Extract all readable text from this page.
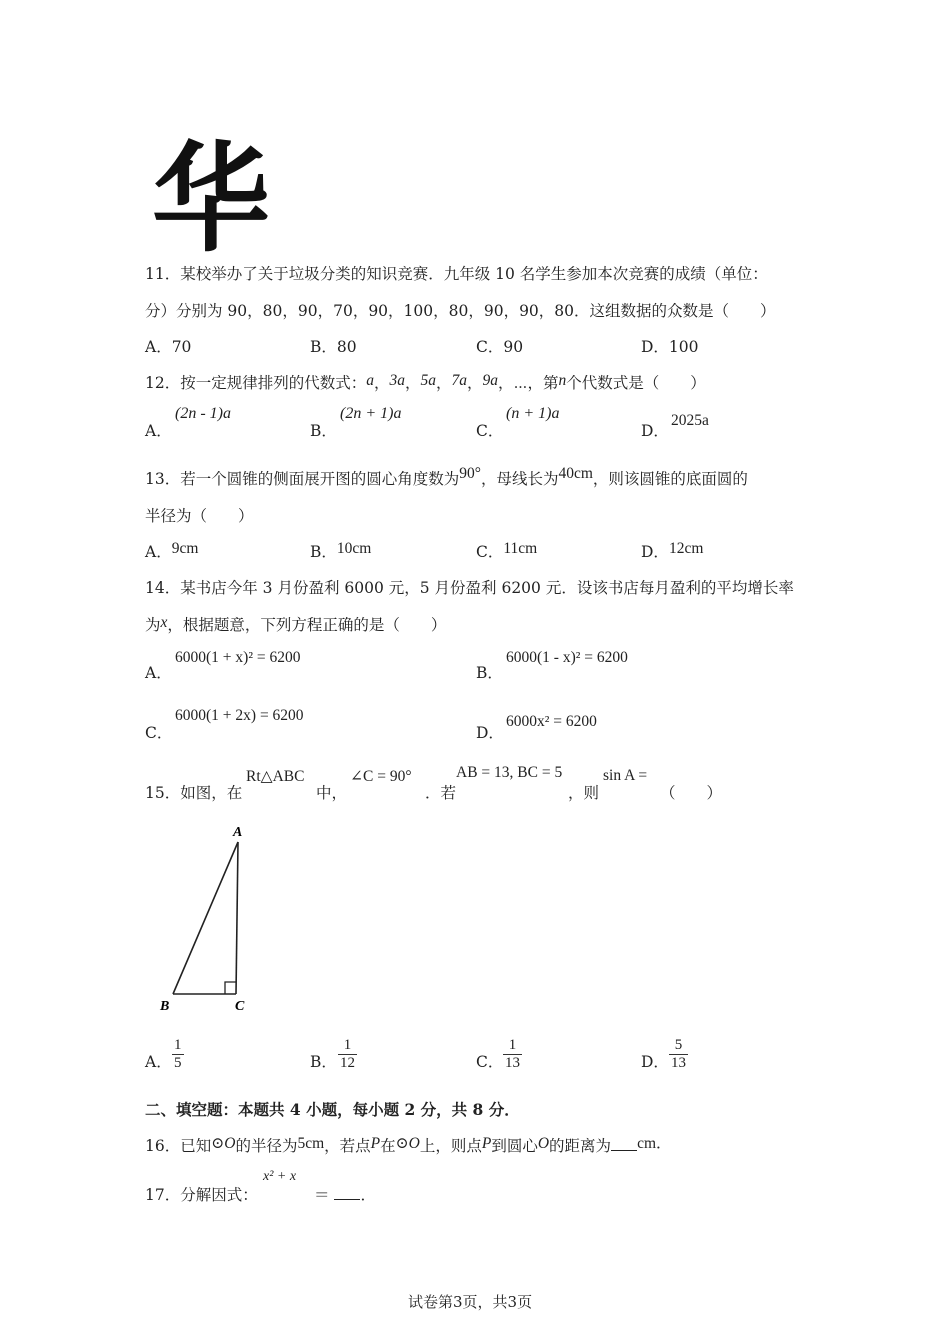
华
11．某校举办了关于垃圾分类的知识竞赛．九年级 10 名学生参加本次竞赛的成绩（单位：
分）分别为 90，80，90，70，90，100，80，90，90，80．这组数据的众数是（　　）
A．70	B．80	C．90	D．100
12．按一定规律排列的代数式：a，3a，5a，7a，9a，⋯，第n个代数式是（　　）
A．
(2n - 1)a
B．
(2n + 1)a
C．
(n + 1)a
D．
2025a
13．若一个圆锥的侧面展开图的圆心角度数为90°，母线长为40cm，则该圆锥的底面圆的
半径为（　　）
A．9cm	B．10cm	C．11cm	D．12cm
14．某书店今年 3 月份盈利 6000 元，5 月份盈利 6200 元．设该书店每月盈利的平均增长率
为x，根据题意，下列方程正确的是（　　）
A．
6000(1 + x)² = 6200
B．
6000(1 - x)² = 6200
C．
6000(1 + 2x) = 6200
D．
6000x² = 6200
15．如图，在
Rt△ABC
中，
∠C = 90°
．若
AB = 13, BC = 5
，则
sin A =
（　　）
A
B	C
A． $\frac{1}{5}$	B． $\frac{1}{12}$	C． $\frac{1}{13}$	D． $\frac{5}{13}$
二、填空题：本题共 4 小题，每小题 2 分，共 8 分．
16．已知⊙O的半径为5cm，若点P在⊙O上，则点P到圆心O的距离为 cm．
17．分解因式：
x² + x
＝ ．
试卷第3页，共3页
